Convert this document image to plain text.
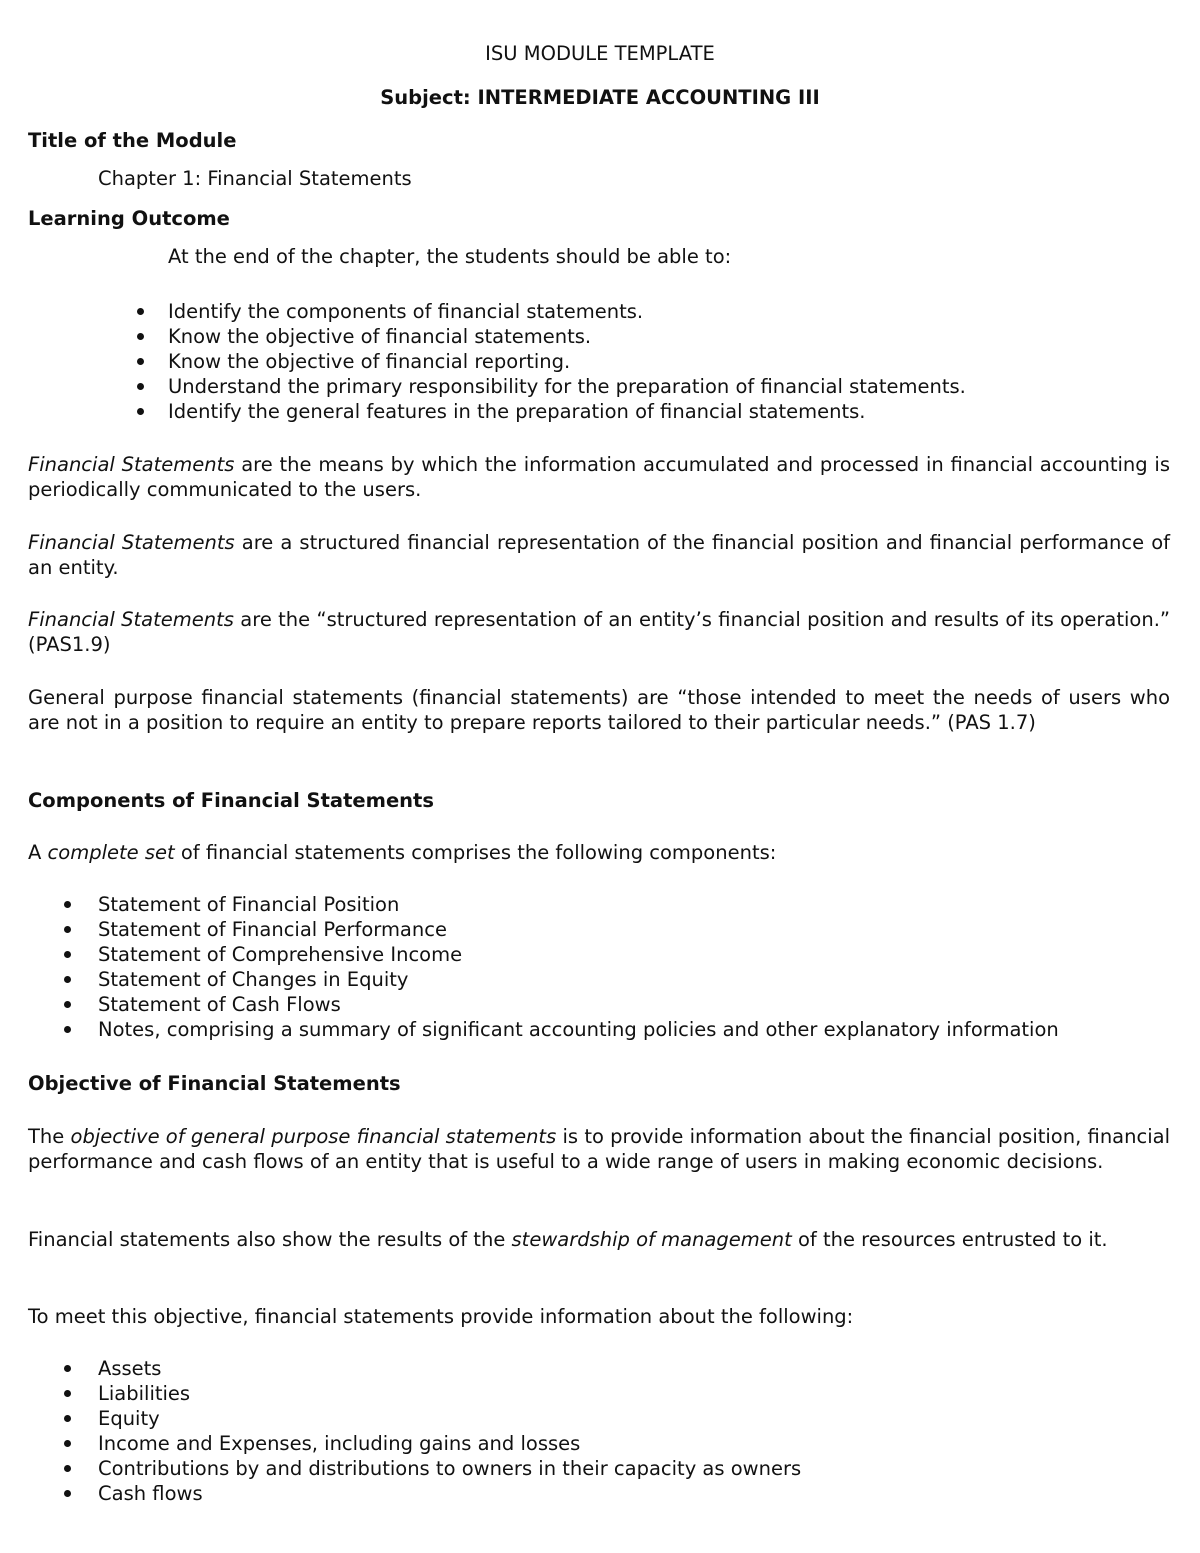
ISU MODULE TEMPLATE
Subject: INTERMEDIATE ACCOUNTING III
Title of the Module
Chapter 1: Financial Statements
Learning Outcome
At the end of the chapter, the students should be able to:
Identify the components of financial statements.
Know the objective of financial statements.
Know the objective of financial reporting.
Understand the primary responsibility for the preparation of financial statements.
Identify the general features in the preparation of financial statements.
Financial Statements are the means by which the information accumulated and processed in financial accounting is periodically communicated to the users.
Financial Statements are a structured financial representation of the financial position and financial performance of an entity.
Financial Statements are the “structured representation of an entity’s financial position and results of its operation.” (PAS1.9)
General purpose financial statements (financial statements) are “those intended to meet the needs of users who are not in a position to require an entity to prepare reports tailored to their particular needs.” (PAS 1.7)
Components of Financial Statements
A complete set of financial statements comprises the following components:
Statement of Financial Position
Statement of Financial Performance
Statement of Comprehensive Income
Statement of Changes in Equity
Statement of Cash Flows
Notes, comprising a summary of significant accounting policies and other explanatory information
Objective of Financial Statements
The objective of general purpose financial statements is to provide information about the financial position, financial performance and cash flows of an entity that is useful to a wide range of users in making economic decisions.
Financial statements also show the results of the stewardship of management of the resources entrusted to it.
To meet this objective, financial statements provide information about the following:
Assets
Liabilities
Equity
Income and Expenses, including gains and losses
Contributions by and distributions to owners in their capacity as owners
Cash flows
